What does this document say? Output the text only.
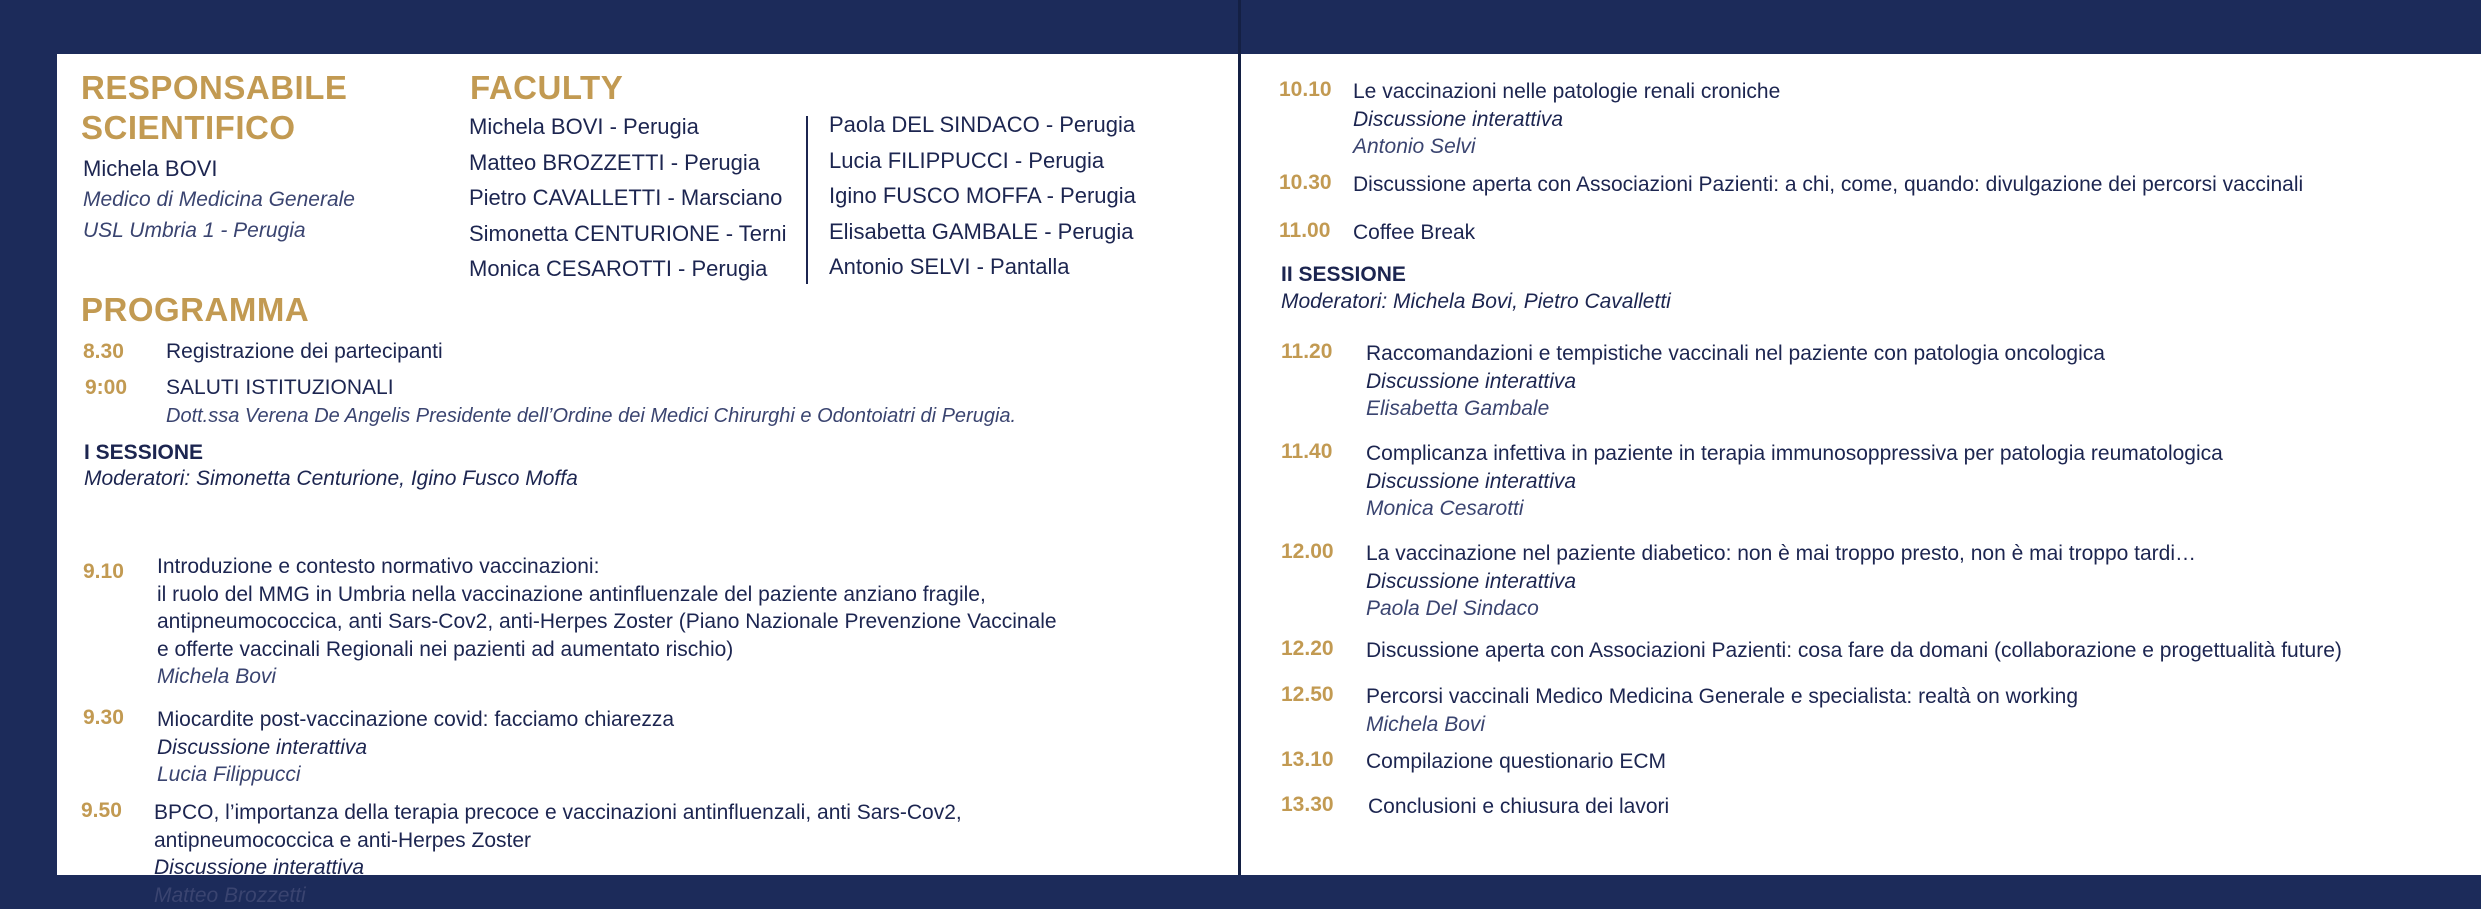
RESPONSABILE
SCIENTIFICO
Michela BOVI
Medico di Medicina Generale
USL Umbria 1 - Perugia
FACULTY
Michela BOVI - Perugia
Matteo BROZZETTI - Perugia
Pietro CAVALLETTI - Marsciano
Simonetta CENTURIONE - Terni
Monica CESAROTTI - Perugia
Paola DEL SINDACO - Perugia
Lucia FILIPPUCCI - Perugia
Igino FUSCO MOFFA - Perugia
Elisabetta GAMBALE - Perugia
Antonio SELVI - Pantalla
PROGRAMMA
8.30 Registrazione dei partecipanti
9:00 SALUTI ISTITUZIONALI
Dott.ssa Verena De Angelis Presidente dell’Ordine dei Medici Chirurghi e Odontoiatri di Perugia.
I SESSIONE
Moderatori: Simonetta Centurione, Igino Fusco Moffa
9.10 Introduzione e contesto normativo vaccinazioni:
il ruolo del MMG in Umbria nella vaccinazione antinfluenzale del paziente anziano fragile,
antipneumococcica, anti Sars-Cov2, anti-Herpes Zoster (Piano Nazionale Prevenzione Vaccinale
e offerte vaccinali Regionali nei pazienti ad aumentato rischio)
Michela Bovi
9.30 Miocardite post-vaccinazione covid: facciamo chiarezza
Discussione interattiva
Lucia Filippucci
9.50 BPCO, l’importanza della terapia precoce e vaccinazioni antinfluenzali, anti Sars-Cov2,
antipneumococcica e anti-Herpes Zoster
Discussione interattiva
Matteo Brozzetti
10.10 Le vaccinazioni nelle patologie renali croniche
Discussione interattiva
Antonio Selvi
10.30 Discussione aperta con Associazioni Pazienti: a chi, come, quando: divulgazione dei percorsi vaccinali
11.00 Coffee Break
II SESSIONE
Moderatori: Michela Bovi, Pietro Cavalletti
11.20 Raccomandazioni e tempistiche vaccinali nel paziente con patologia oncologica
Discussione interattiva
Elisabetta Gambale
11.40 Complicanza infettiva in paziente in terapia immunosoppressiva per patologia reumatologica
Discussione interattiva
Monica Cesarotti
12.00 La vaccinazione nel paziente diabetico: non è mai troppo presto, non è mai troppo tardi…
Discussione interattiva
Paola Del Sindaco
12.20 Discussione aperta con Associazioni Pazienti: cosa fare da domani (collaborazione e progettualità future)
12.50 Percorsi vaccinali Medico Medicina Generale e specialista: realtà on working
Michela Bovi
13.10 Compilazione questionario ECM
13.30 Conclusioni e chiusura dei lavori
